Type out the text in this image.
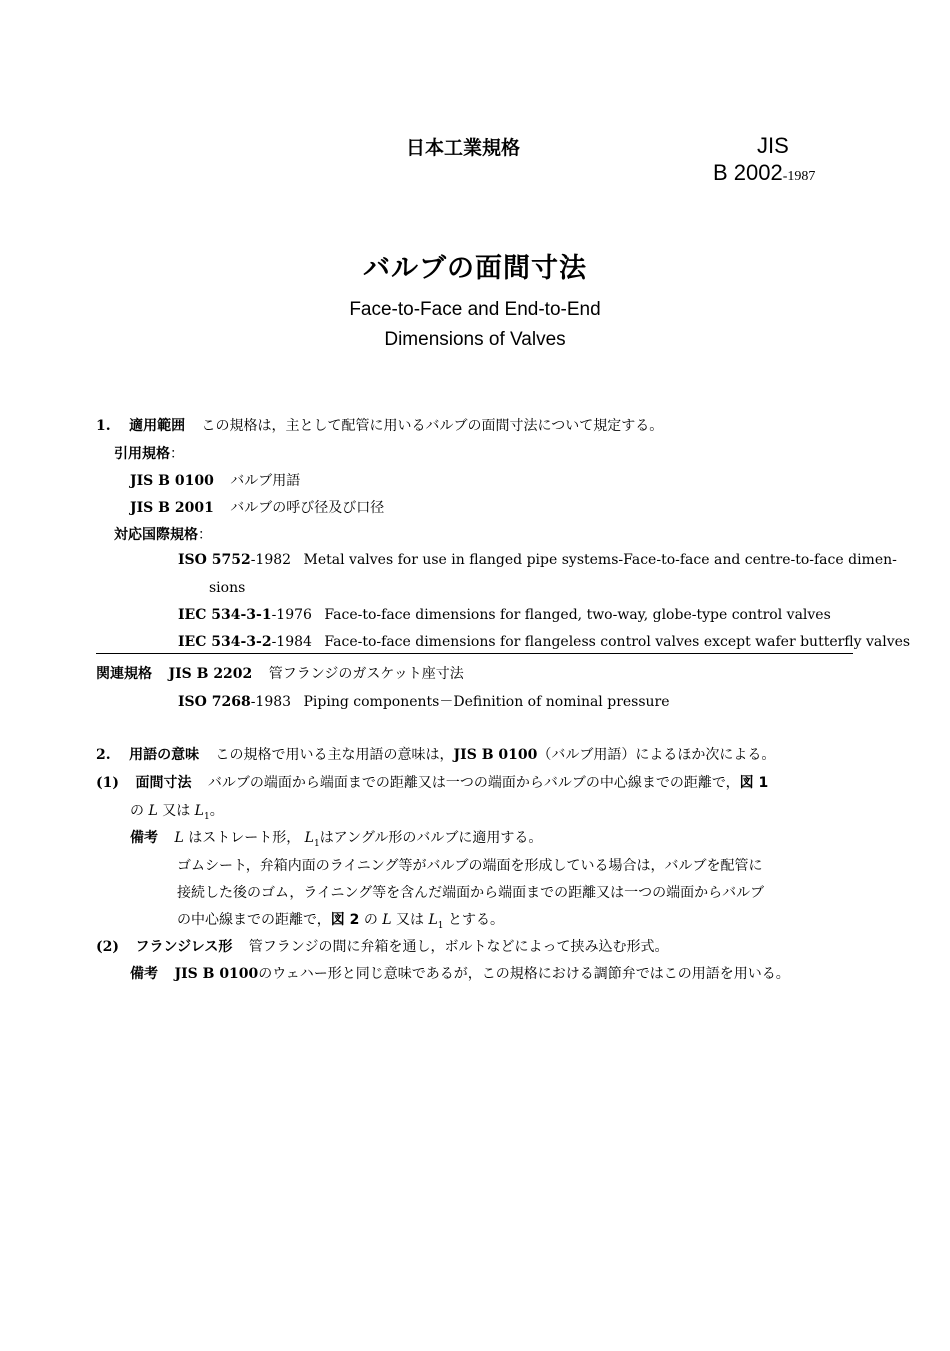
日本工業規格	JIS
B 2002-1987
バルブの面間寸法
Face-to-Face and End-to-End
Dimensions of Valves
1. 適用範囲 この規格は，主として配管に用いるバルブの面間寸法について規定する。
引用規格：
JIS B 0100 バルブ用語
JIS B 2001 バルブの呼び径及び口径
対応国際規格：
ISO 5752-1982 Metal valves for use in flanged pipe systems-Face-to-face and centre-to-face dimen-
sions
IEC 534-3-1-1976 Face-to-face dimensions for flanged, two-way, globe-type control valves
IEC 534-3-2-1984 Face-to-face dimensions for flangeless control valves except wafer butterfly valves
関連規格 JIS B 2202 管フランジのガスケット座寸法
ISO 7268-1983 Piping components－Definition of nominal pressure
2. 用語の意味 この規格で用いる主な用語の意味は，JIS B 0100（バルブ用語）によるほか次による。
(1) 面間寸法 バルブの端面から端面までの距離又は一つの端面からバルブの中心線までの距離で，図 1
の L 又は $L_1$。
備考 L はストレート形， $L_1$はアングル形のバルブに適用する。
ゴムシート，弁箱内面のライニング等がバルブの端面を形成している場合は，バルブを配管に
接続した後のゴム，ライニング等を含んだ端面から端面までの距離又は一つの端面からバルブ
の中心線までの距離で，図 2 の L 又は $L_1$ とする。
(2) フランジレス形 管フランジの間に弁箱を通し，ボルトなどによって挟み込む形式。
備考 JIS B 0100のウェハー形と同じ意味であるが，この規格における調節弁ではこの用語を用いる。
